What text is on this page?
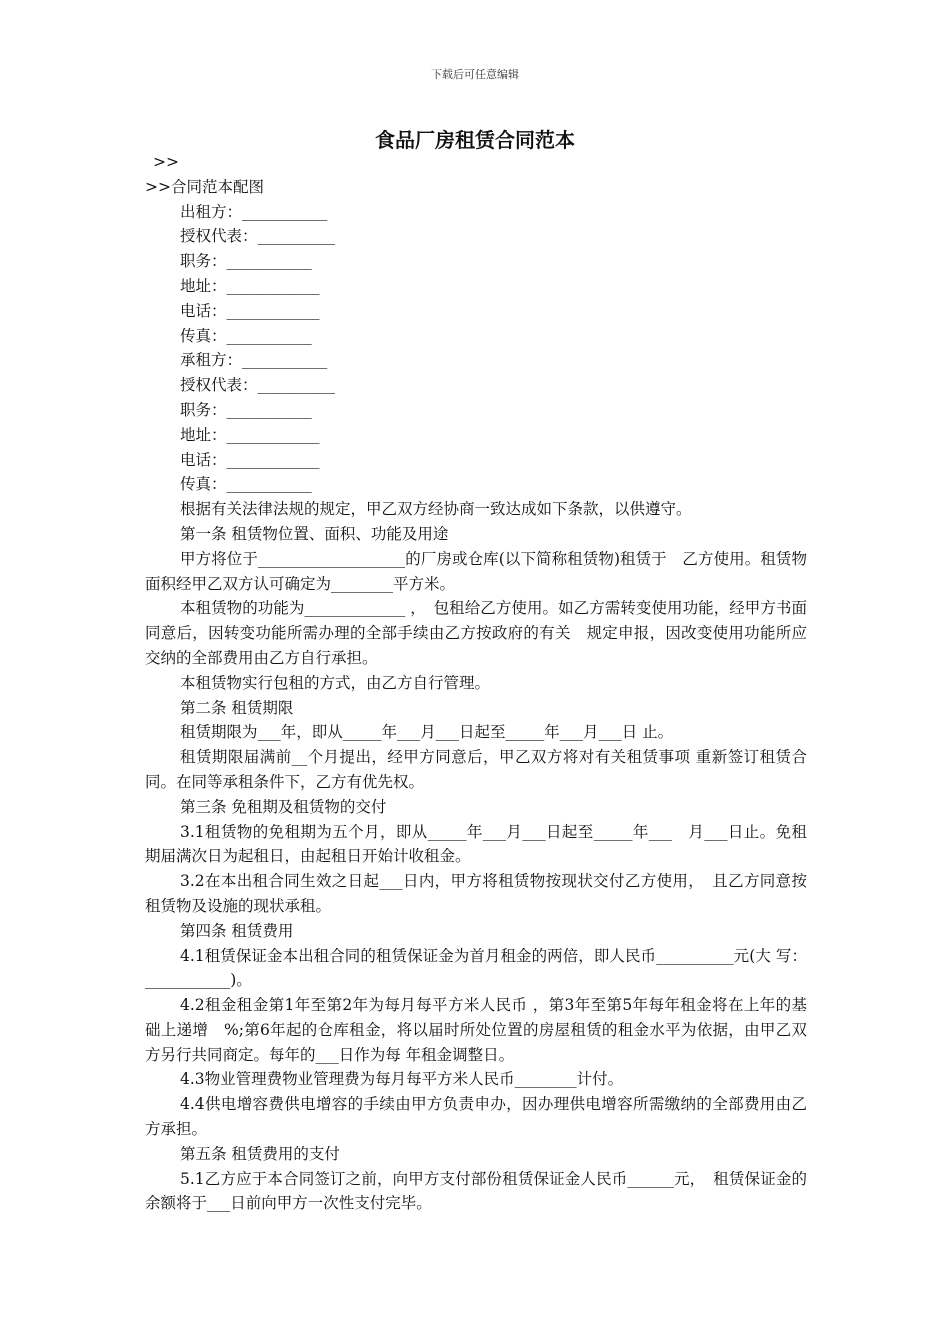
下载后可任意编辑
食品厂房租赁合同范本

>>

>>合同范本配图

出租方：___________

授权代表：__________

职务：___________

地址：____________

电话：____________

传真：___________

承租方：___________

授权代表：__________

职务：___________

地址：____________

电话：____________

传真：___________

根据有关法律法规的规定，甲乙双方经协商一致达成如下条款，以供遵守。

第一条 租赁物位置、面积、功能及用途

甲方将位于___________________的厂房或仓库(以下简称租赁物)租赁于　乙方使用。租赁物面积经甲乙双方认可确定为________平方米。

本租赁物的功能为_____________ ，　包租给乙方使用。如乙方需转变使用功能，经甲方书面同意后，因转变功能所需办理的全部手续由乙方按政府的有关　规定申报，因改变使用功能所应交纳的全部费用由乙方自行承担。

本租赁物实行包租的方式，由乙方自行管理。

第二条 租赁期限

租赁期限为___年，即从_____年___月___日起至_____年___月___日 止。

租赁期限届满前__个月提出，经甲方同意后，甲乙双方将对有关租赁事项 重新签订租赁合同。在同等承租条件下，乙方有优先权。

第三条 免租期及租赁物的交付

3.1租赁物的免租期为五个月，即从_____年___月___日起至_____年___　月___日止。免租期届满次日为起租日，由起租日开始计收租金。

3.2在本出租合同生效之日起___日内，甲方将租赁物按现状交付乙方使用，　且乙方同意按租赁物及设施的现状承租。

第四条 租赁费用

4.1租赁保证金本出租合同的租赁保证金为首月租金的两倍，即人民币__________元(大 写：___________)。

4.2租金租金第1年至第2年为每月每平方米人民币 ，第3年至第5年每年租金将在上年的基础上递增　%;第6年起的仓库租金，将以届时所处位置的房屋租赁的租金水平为依据，由甲乙双方另行共同商定。每年的___日作为每 年租金调整日。

4.3物业管理费物业管理费为每月每平方米人民币________计付。

4.4供电增容费供电增容的手续由甲方负责申办，因办理供电增容所需缴纳的全部费用由乙 方承担。

第五条 租赁费用的支付

5.1乙方应于本合同签订之前，向甲方支付部份租赁保证金人民币______元，　租赁保证金的余额将于___日前向甲方一次性支付完毕。
